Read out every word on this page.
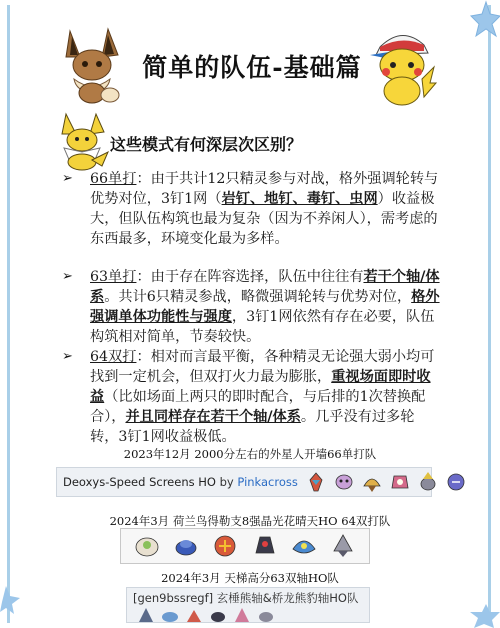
简单的队伍-基础篇
这些模式有何深层次区别？
➢ 66单打：由于共计12只精灵参与对战，格外强调轮转与优势对位，3钉1网（岩钉、地钉、毒钉、虫网）收益极大，但队伍构筑也最为复杂（因为不养闲人），需考虑的东西最多，环境变化最为多样。
➢ 63单打：由于存在阵容选择，队伍中往往有若干个轴/体系。共计6只精灵参战，略微强调轮转与优势对位，格外强调单体功能性与强度，3钉1网依然有存在必要，队伍构筑相对简单，节奏较快。
➢ 64双打：相对而言最平衡，各种精灵无论强大弱小均可找到一定机会，但双打火力最为膨胀，重视场面即时收益（比如场面上两只的即时配合，与后排的1次替换配合），并且同样存在若干个轴/体系。几乎没有过多轮转，3钉1网收益极低。
2023年12月 2000分左右的外星人开墙66单打队
Deoxys-Speed Screens HO by Pinkacross
2024年3月 荷兰鸟得勒支8强晶光花晴天HO 64双打队
2024年3月 天梯高分63双轴HO队
[gen9bssregf] 玄棰熊轴&桥龙熊豹轴HO队
